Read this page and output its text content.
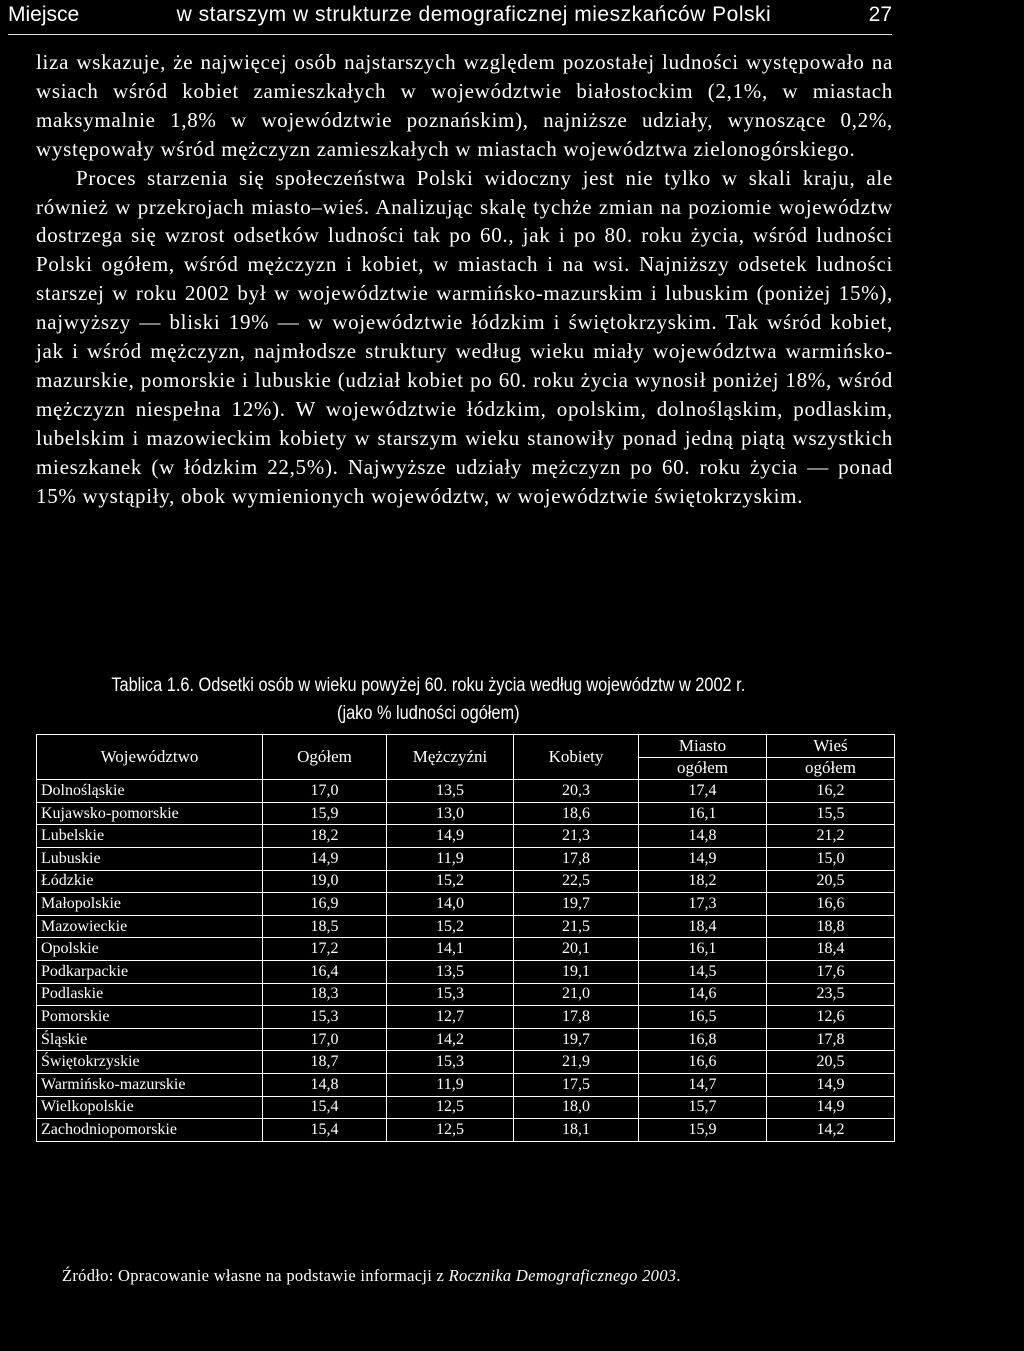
Miejsce	w starszym w strukturze demograficznej mieszkańców Polski	27

liza wskazuje, że najwięcej osób najstarszych względem pozostałej ludności występowało na wsiach wśród kobiet zamieszkałych w województwie białostockim (2,1%, w miastach maksymalnie 1,8% w województwie poznańskim), najniższe udziały, wynoszące 0,2%, występowały wśród mężczyzn zamieszkałych w miastach województwa zielonogórskiego.

Proces starzenia się społeczeństwa Polski widoczny jest nie tylko w skali kraju, ale również w przekrojach miasto–wieś. Analizując skalę tychże zmian na poziomie województw dostrzega się wzrost odsetków ludności tak po 60., jak i po 80. roku życia, wśród ludności Polski ogółem, wśród mężczyzn i kobiet, w miastach i na wsi. Najniższy odsetek ludności starszej w roku 2002 był w województwie warmińsko-mazurskim i lubuskim (poniżej 15%), najwyższy — bliski 19% — w województwie łódzkim i świętokrzyskim. Tak wśród kobiet, jak i wśród mężczyzn, najmłodsze struktury według wieku miały województwa warmińsko-mazurskie, pomorskie i lubuskie (udział kobiet po 60. roku życia wynosił poniżej 18%, wśród mężczyzn niespełna 12%). W województwie łódzkim, opolskim, dolnośląskim, podlaskim, lubelskim i mazowieckim kobiety w starszym wieku stanowiły ponad jedną piątą wszystkich mieszkanek (w łódzkim 22,5%). Najwyższe udziały mężczyzn po 60. roku życia — ponad 15% wystąpiły, obok wymienionych województw, w województwie świętokrzyskim.

Tablica 1.6. Odsetki osób w wieku powyżej 60. roku życia według województw w 2002 r.
(jako % ludności ogółem)
Województwo	Ogółem	Mężczyźni	Kobiety	Miasto	Wieś
				ogółem	ogółem
Dolnośląskie	17,0	13,5	20,3	17,4	16,2
Kujawsko-pomorskie	15,9	13,0	18,6	16,1	15,5
Lubelskie	18,2	14,9	21,3	14,8	21,2
Lubuskie	14,9	11,9	17,8	14,9	15,0
Łódzkie	19,0	15,2	22,5	18,2	20,5
Małopolskie	16,9	14,0	19,7	17,3	16,6
Mazowieckie	18,5	15,2	21,5	18,4	18,8
Opolskie	17,2	14,1	20,1	16,1	18,4
Podkarpackie	16,4	13,5	19,1	14,5	17,6
Podlaskie	18,3	15,3	21,0	14,6	23,5
Pomorskie	15,3	12,7	17,8	16,5	12,6
Śląskie	17,0	14,2	19,7	16,8	17,8
Świętokrzyskie	18,7	15,3	21,9	16,6	20,5
Warmińsko-mazurskie	14,8	11,9	17,5	14,7	14,9
Wielkopolskie	15,4	12,5	18,0	15,7	14,9
Zachodniopomorskie	15,4	12,5	18,1	15,9	14,2
Źródło: Opracowanie własne na podstawie informacji z Rocznika Demograficznego 2003.
